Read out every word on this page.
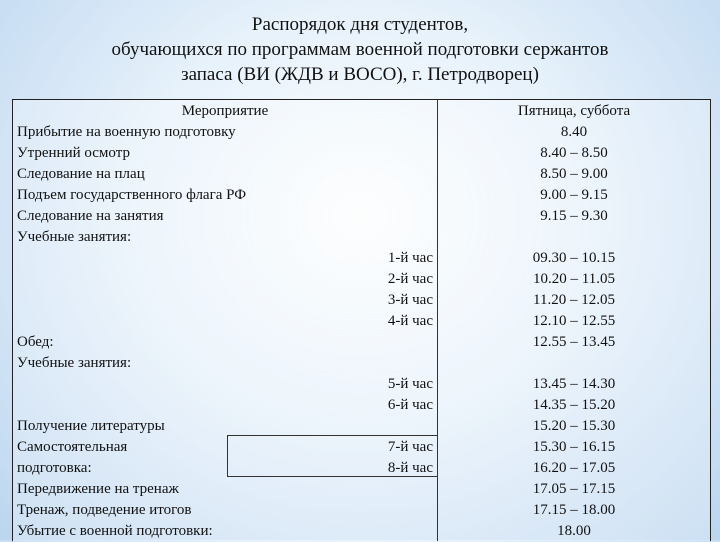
Распорядок дня студентов,
обучающихся по программам военной подготовки сержантов
запаса (ВИ (ЖДВ и ВОСО), г. Петродворец)
Мероприятие	Пятница, суббота
Прибытие на военную подготовку	8.40
Утренний осмотр	8.40 – 8.50
Следование на плац	8.50 – 9.00
Подъем государственного флага РФ	9.00 – 9.15
Следование на занятия	9.15 – 9.30
Учебные занятия:
1-й час	09.30 – 10.15
2-й час	10.20 – 11.05
3-й час	11.20 – 12.05
4-й час	12.10 – 12.55
Обед:	12.55 – 13.45
Учебные занятия:
5-й час	13.45 – 14.30
6-й час	14.35 – 15.20
Получение литературы	15.20 – 15.30
Самостоятельная	7-й час	15.30 – 16.15
подготовка:	8-й час	16.20 – 17.05
Передвижение на тренаж	17.05 – 17.15
Тренаж, подведение итогов	17.15 – 18.00
Убытие с военной подготовки:	18.00
